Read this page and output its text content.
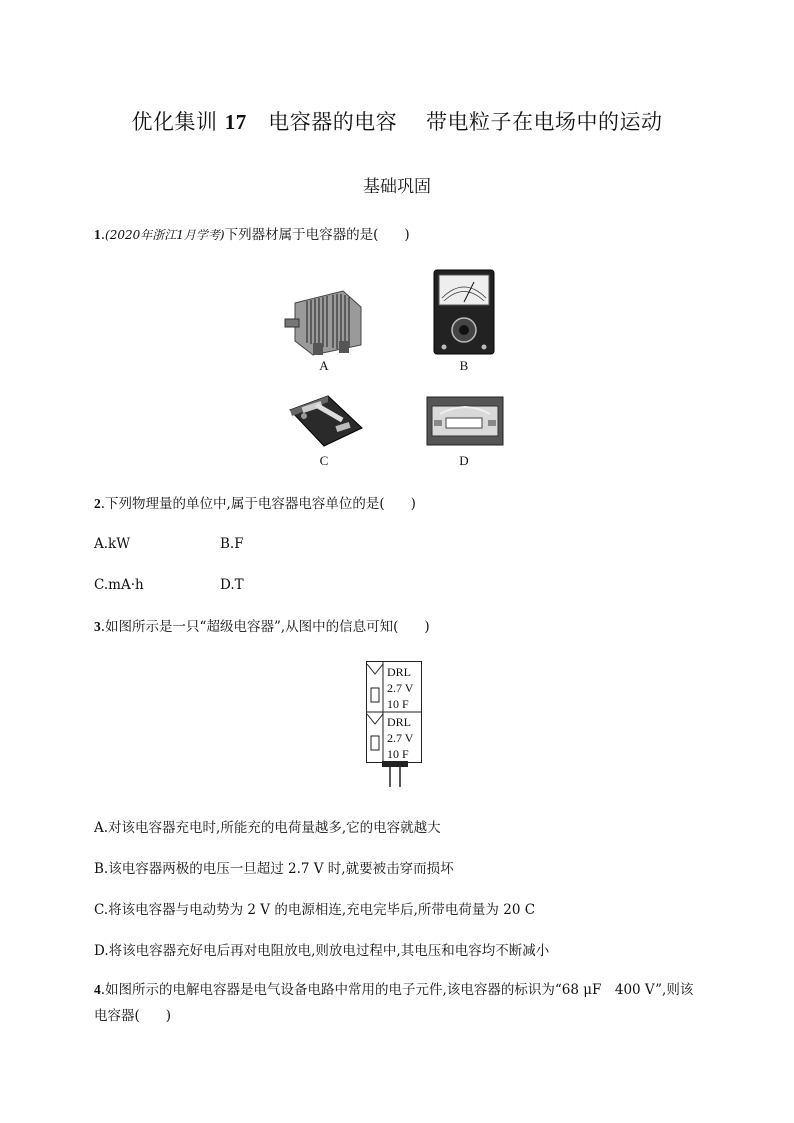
优化集训 17 电容器的电容 带电粒子在电场中的运动
基础巩固
1.(2020年浙江1月学考)下列器材属于电容器的是( )
A	B
C	D
2.下列物理量的单位中,属于电容器电容单位的是( )
A.kW	B.F
C.mA·h	D.T
3.如图所示是一只“超级电容器”,从图中的信息可知( )
DRL
2.7 V
10 F
DRL
2.7 V
10 F
A.对该电容器充电时,所能充的电荷量越多,它的电容就越大
B.该电容器两极的电压一旦超过 2.7 V 时,就要被击穿而损坏
C.将该电容器与电动势为 2 V 的电源相连,充电完毕后,所带电荷量为 20 C
D.将该电容器充好电后再对电阻放电,则放电过程中,其电压和电容均不断减小
4.如图所示的电解电容器是电气设备电路中常用的电子元件,该电容器的标识为“68 μF　400 V”,则该
电容器( )
